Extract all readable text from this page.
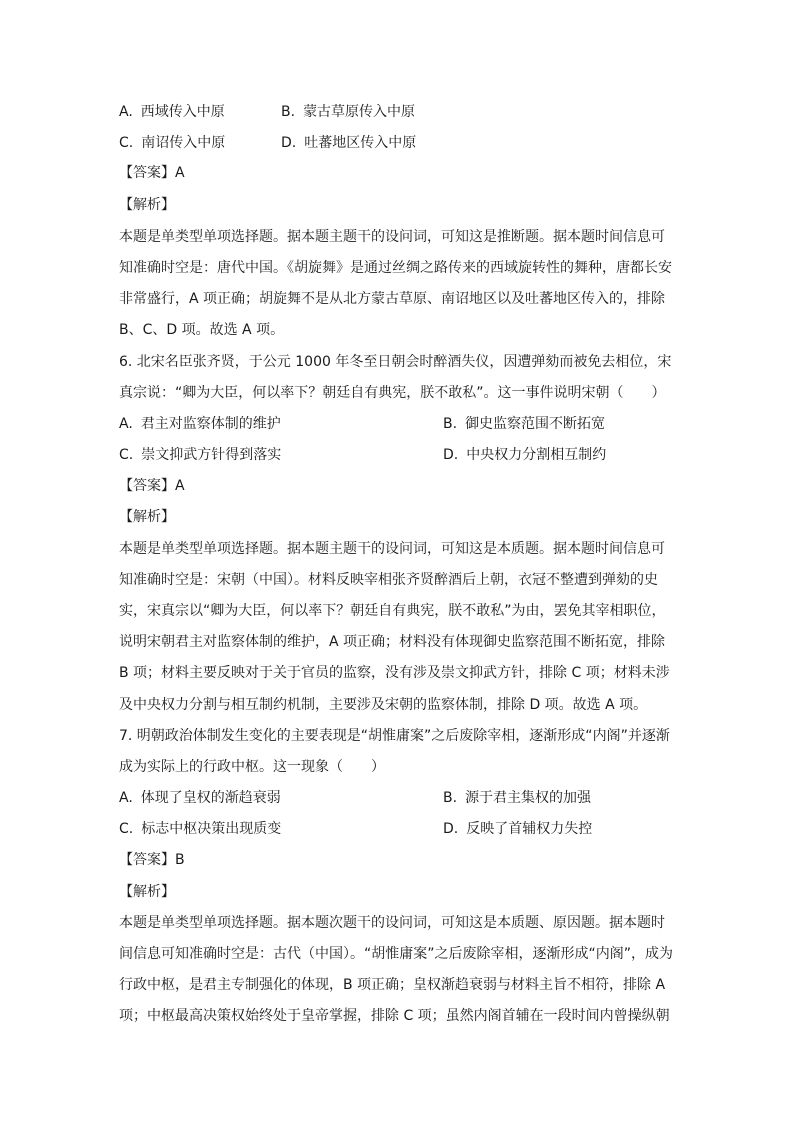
A. 西域传入中原	B. 蒙古草原传入中原
C. 南诏传入中原	D. 吐蕃地区传入中原
【答案】A
【解析】
本题是单类型单项选择题。据本题主题干的设问词，可知这是推断题。据本题时间信息可
知准确时空是：唐代中国。《胡旋舞》是通过丝绸之路传来的西域旋转性的舞种，唐都长安
非常盛行，A 项正确；胡旋舞不是从北方蒙古草原、南诏地区以及吐蕃地区传入的，排除
B、C、D 项。故选 A 项。
6. 北宋名臣张齐贤，于公元 1000 年冬至日朝会时醉酒失仪，因遭弹劾而被免去相位，宋
真宗说：“卿为大臣，何以率下？朝廷自有典宪，朕不敢私”。这一事件说明宋朝（　　）
A. 君主对监察体制的维护	B. 御史监察范围不断拓宽
C. 崇文抑武方针得到落实	D. 中央权力分割相互制约
【答案】A
【解析】
本题是单类型单项选择题。据本题主题干的设问词，可知这是本质题。据本题时间信息可
知准确时空是：宋朝（中国）。材料反映宰相张齐贤醉酒后上朝，衣冠不整遭到弹劾的史
实，宋真宗以“卿为大臣，何以率下？朝廷自有典宪，朕不敢私”为由，罢免其宰相职位，
说明宋朝君主对监察体制的维护，A 项正确；材料没有体现御史监察范围不断拓宽，排除
B 项；材料主要反映对于关于官员的监察，没有涉及崇文抑武方针，排除 C 项；材料未涉
及中央权力分割与相互制约机制，主要涉及宋朝的监察体制，排除 D 项。故选 A 项。
7. 明朝政治体制发生变化的主要表现是“胡惟庸案”之后废除宰相，逐渐形成“内阁”并逐渐
成为实际上的行政中枢。这一现象（　　）
A. 体现了皇权的渐趋衰弱	B. 源于君主集权的加强
C. 标志中枢决策出现质变	D. 反映了首辅权力失控
【答案】B
【解析】
本题是单类型单项选择题。据本题次题干的设问词，可知这是本质题、原因题。据本题时
间信息可知准确时空是：古代（中国）。“胡惟庸案”之后废除宰相，逐渐形成“内阁”，成为
行政中枢，是君主专制强化的体现，B 项正确；皇权渐趋衰弱与材料主旨不相符，排除 A
项；中枢最高决策权始终处于皇帝掌握，排除 C 项；虽然内阁首辅在一段时间内曾操纵朝
